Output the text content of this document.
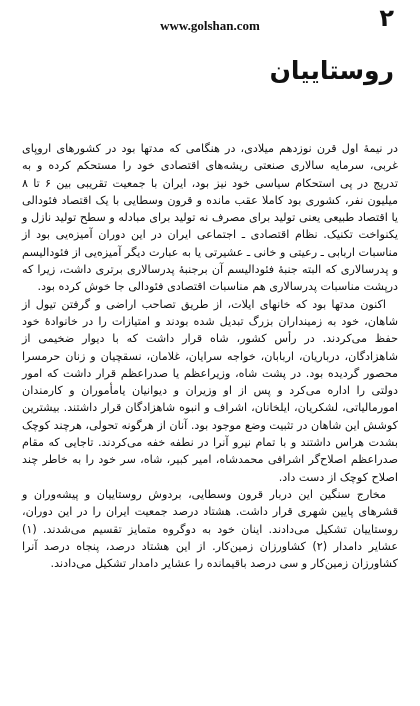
۲
www.golshan.com
روستاییان

در نیمهٔ اول قرن نوزدهم میلادی، در هنگامی که مدتها بود در کشورهای اروپای غربی، سرمایه سالاری صنعتی ریشه‌های اقتصادی خود را مستحکم کرده و به تدریج در پی استحکام سیاسی خود نیز بود، ایران با جمعیت تقریبی بین ۶ تا ۸ میلیون نفر، کشوری بود کاملا عقب مانده و قرون وسطایی با یک اقتصاد فئودالی یا اقتصاد طبیعی یعنی تولید برای مصرف نه تولید برای مبادله و سطح تولید نازل و یکنواخت تکنیک. نظام اقتصادی ـ اجتماعی ایران در این دوران آمیزه‌یی بود از مناسبات اربابی ـ رعیتی و خانی ـ عشیرتی یا به عبارت دیگر آمیزه‌یی از فئودالیسم و پدرسالاری که البته جنبهٔ فئودالیسم آن برجنبهٔ پدرسالاری برتری داشت، زیرا که درپشت مناسبات پدرسالاری هم مناسبات اقتصادی فئودالی جا خوش کرده بود.

اکنون مدتها بود که خانهای ایلات، از طریق تصاحب اراضی و گرفتن تیول از شاهان، خود به زمینداران بزرگ تبدیل شده بودند و امتیازات را در خانوادهٔ خود حفظ می‌کردند. در رأس کشور، شاه قرار داشت که با دیوار ضخیمی از شاهزادگان، درباریان، اربابان، خواجه سرایان، غلامان، نسقچیان و زنان حرمسرا محصور گردیده بود. در پشت شاه، وزیراعظم یا صدراعظم قرار داشت که امور دولتی را اداره می‌کرد و پس از او وزیران و دیوانیان یامأموران و کارمندان امورمالیاتی، لشکریان، ایلخانان، اشراف و انبوه شاهزادگان قرار داشتند. بیشترین کوشش این شاهان در تثبیت وضع موجود بود. آنان از هرگونه تحولی، هرچند کوچک بشدت هراس داشتند و با تمام نیرو آنرا در نطفه خفه می‌کردند. تاجایی که مقام صدراعظم اصلاح‌گر اشرافی محمدشاه، امیر کبیر، شاه، سر خود را به خاطر چند اصلاح کوچک از دست داد.

مخارج سنگین این دربار قرون وسطایی، بردوش روستاییان و پیشه‌وران و قشرهای پایین شهری قرار داشت. هشتاد درصد جمعیت ایران را در این دوران، روستاییان تشکیل می‌دادند. اینان خود به دوگروه متمایز تقسیم می‌شدند. (۱) عشایر دامدار (۲) کشاورزان زمین‌کار. از این هشتاد درصد، پنجاه درصد آنرا کشاورزان زمین‌کار و سی درصد باقیمانده را عشایر دامدار تشکیل می‌دادند.
